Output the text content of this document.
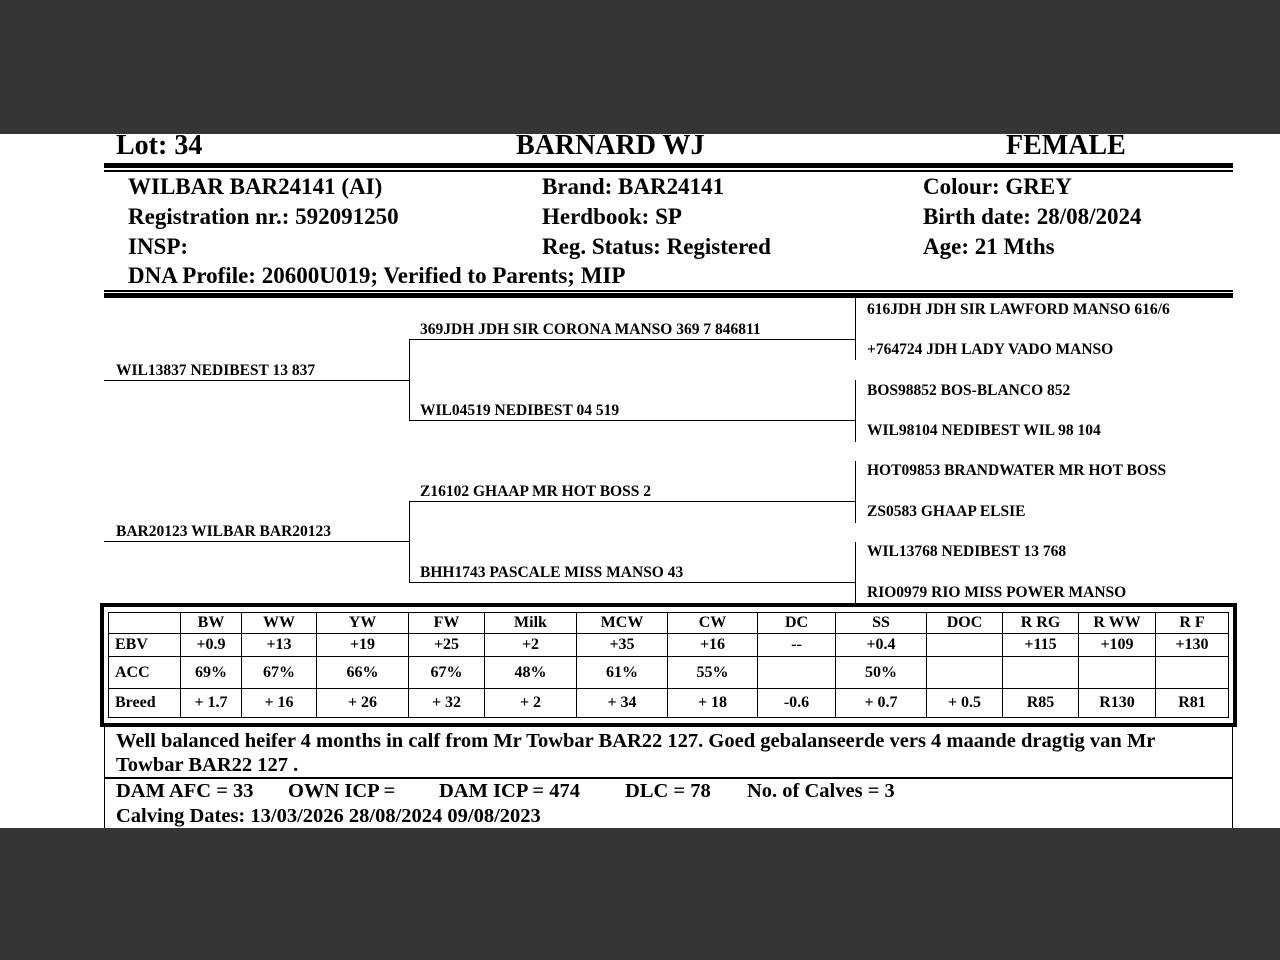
Lot: 34	BARNARD WJ	FEMALE
WILBAR BAR24141 (AI)
Registration nr.: 592091250
INSP:
DNA Profile: 20600U019; Verified to Parents; MIP
Brand: BAR24141
Herdbook: SP
Reg. Status: Registered
Colour: GREY
Birth date: 28/08/2024
Age: 21 Mths
WIL13837 NEDIBEST 13 837
BAR20123 WILBAR BAR20123
369JDH JDH SIR CORONA MANSO 369 7 846811
WIL04519 NEDIBEST 04 519
Z16102 GHAAP MR HOT BOSS 2
BHH1743 PASCALE MISS MANSO 43
616JDH JDH SIR LAWFORD MANSO 616/6
+764724 JDH LADY VADO MANSO
BOS98852 BOS-BLANCO 852
WIL98104 NEDIBEST WIL 98 104
HOT09853 BRANDWATER MR HOT BOSS
ZS0583 GHAAP ELSIE
WIL13768 NEDIBEST 13 768
RIO0979 RIO MISS POWER MANSO
	BW	WW	YW	FW	Milk	MCW	CW	DC	SS	DOC	R RG	R WW	R F
EBV	+0.9	+13	+19	+25	+2	+35	+16	--	+0.4		+115	+109	+130
ACC	69%	67%	66%	67%	48%	61%	55%		50%				
Breed	+ 1.7	+ 16	+ 26	+ 32	+ 2	+ 34	+ 18	-0.6	+ 0.7	+ 0.5	R85	R130	R81
Well balanced heifer 4 months in calf from Mr Towbar BAR22 127. Goed gebalanseerde vers 4 maande dragtig van Mr Towbar BAR22 127 .
DAM AFC = 33 OWN ICP = DAM ICP = 474 DLC = 78 No. of Calves = 3
Calving Dates: 13/03/2026 28/08/2024 09/08/2023
